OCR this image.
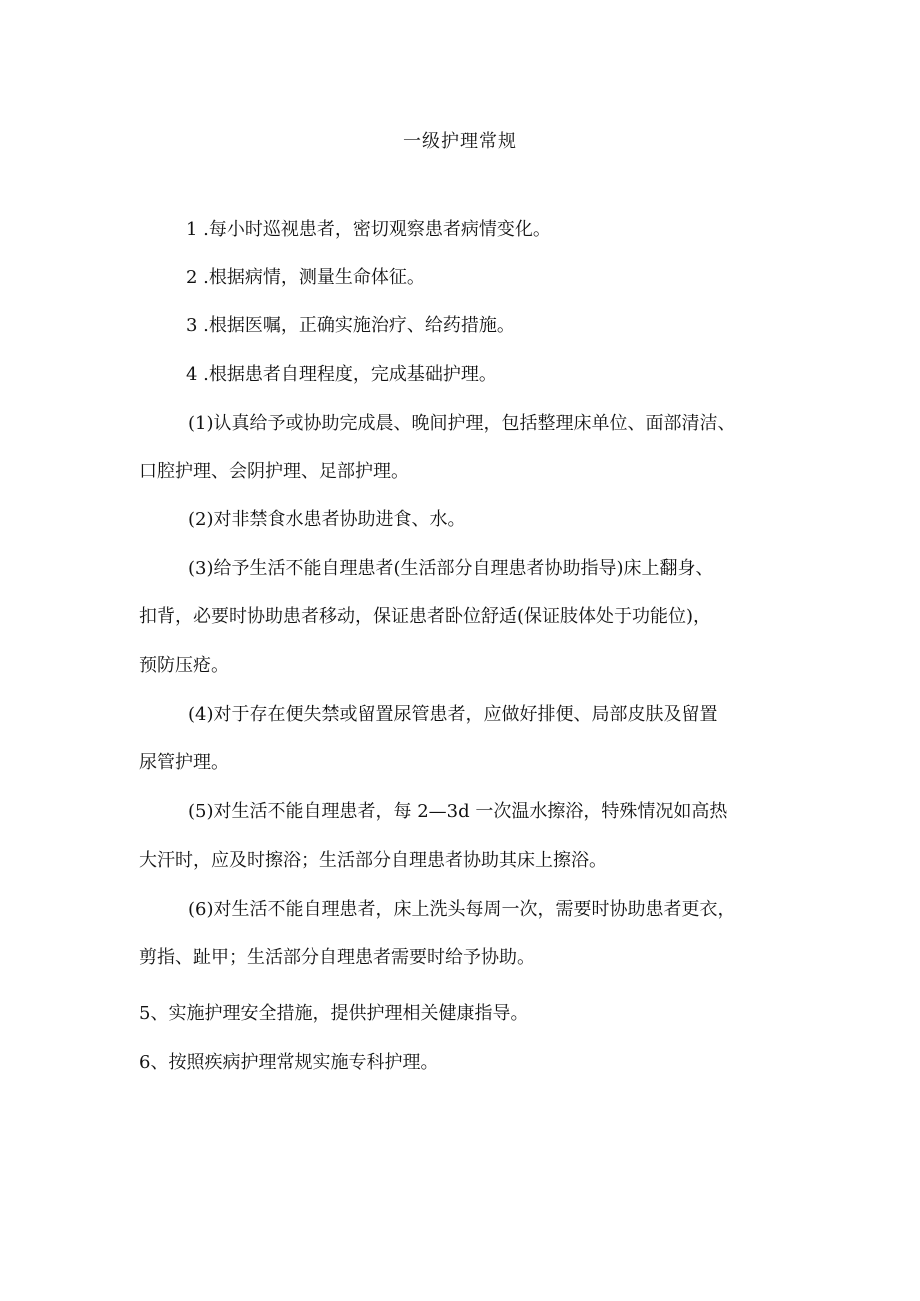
一级护理常规
1 .每小时巡视患者，密切观察患者病情变化。
2 .根据病情，测量生命体征。
3 .根据医嘱，正确实施治疗、给药措施。
4 .根据患者自理程度，完成基础护理。
(1)认真给予或协助完成晨、晚间护理，包括整理床单位、面部清洁、
口腔护理、会阴护理、足部护理。
(2)对非禁食水患者协助进食、水。
(3)给予生活不能自理患者(生活部分自理患者协助指导)床上翻身、
扣背，必要时协助患者移动，保证患者卧位舒适(保证肢体处于功能位)，
预防压疮。
(4)对于存在便失禁或留置尿管患者，应做好排便、局部皮肤及留置
尿管护理。
(5)对生活不能自理患者，每 2—3d 一次温水擦浴，特殊情况如高热
大汗时，应及时擦浴；生活部分自理患者协助其床上擦浴。
(6)对生活不能自理患者，床上洗头每周一次，需要时协助患者更衣，
剪指、趾甲；生活部分自理患者需要时给予协助。
5、实施护理安全措施，提供护理相关健康指导。
6、按照疾病护理常规实施专科护理。
